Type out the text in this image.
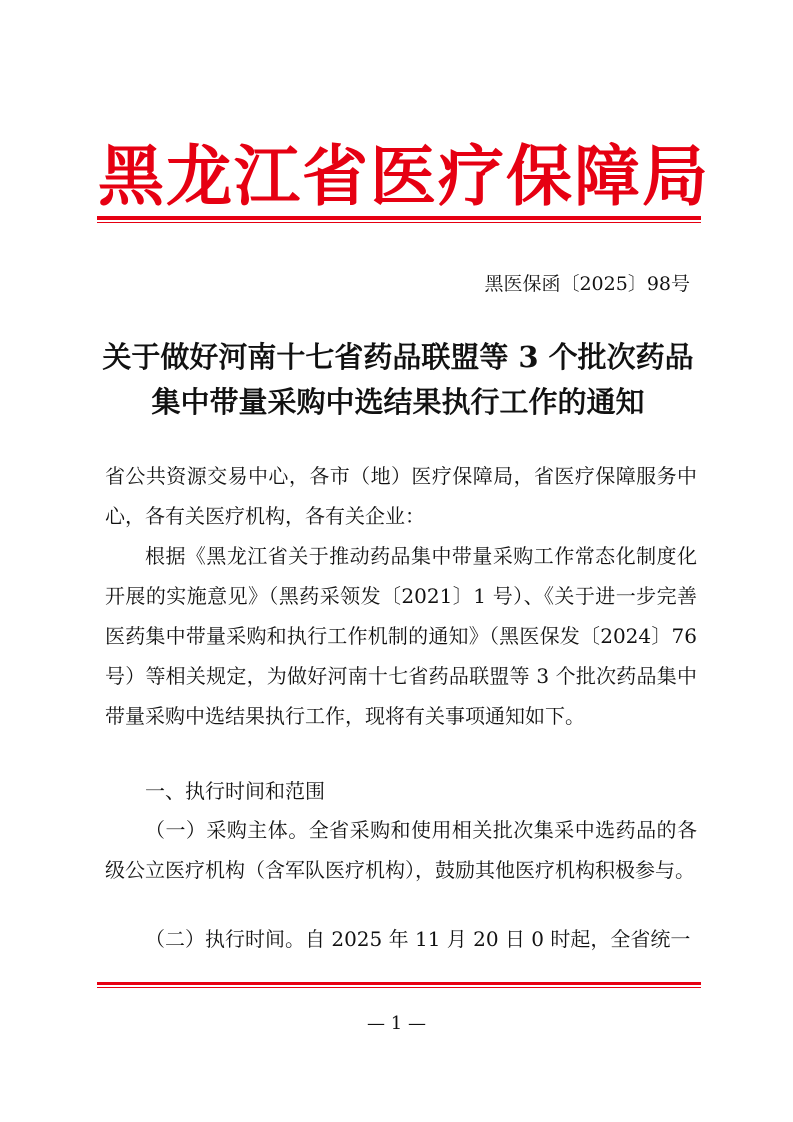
黑龙江省医疗保障局
黑医保函〔2025〕98号
关于做好河南十七省药品联盟等 3 个批次药品
集中带量采购中选结果执行工作的通知
省公共资源交易中心，各市（地）医疗保障局，省医疗保障服务中心，各有关医疗机构，各有关企业：
根据《黑龙江省关于推动药品集中带量采购工作常态化制度化开展的实施意见》（黑药采领发〔2021〕1 号）、《关于进一步完善医药集中带量采购和执行工作机制的通知》（黑医保发〔2024〕76 号）等相关规定，为做好河南十七省药品联盟等 3 个批次药品集中带量采购中选结果执行工作，现将有关事项通知如下。
一、执行时间和范围
（一）采购主体。全省采购和使用相关批次集采中选药品的各级公立医疗机构（含军队医疗机构），鼓励其他医疗机构积极参与。
（二）执行时间。自 2025 年 11 月 20 日 0 时起，全省统一
— 1 —
